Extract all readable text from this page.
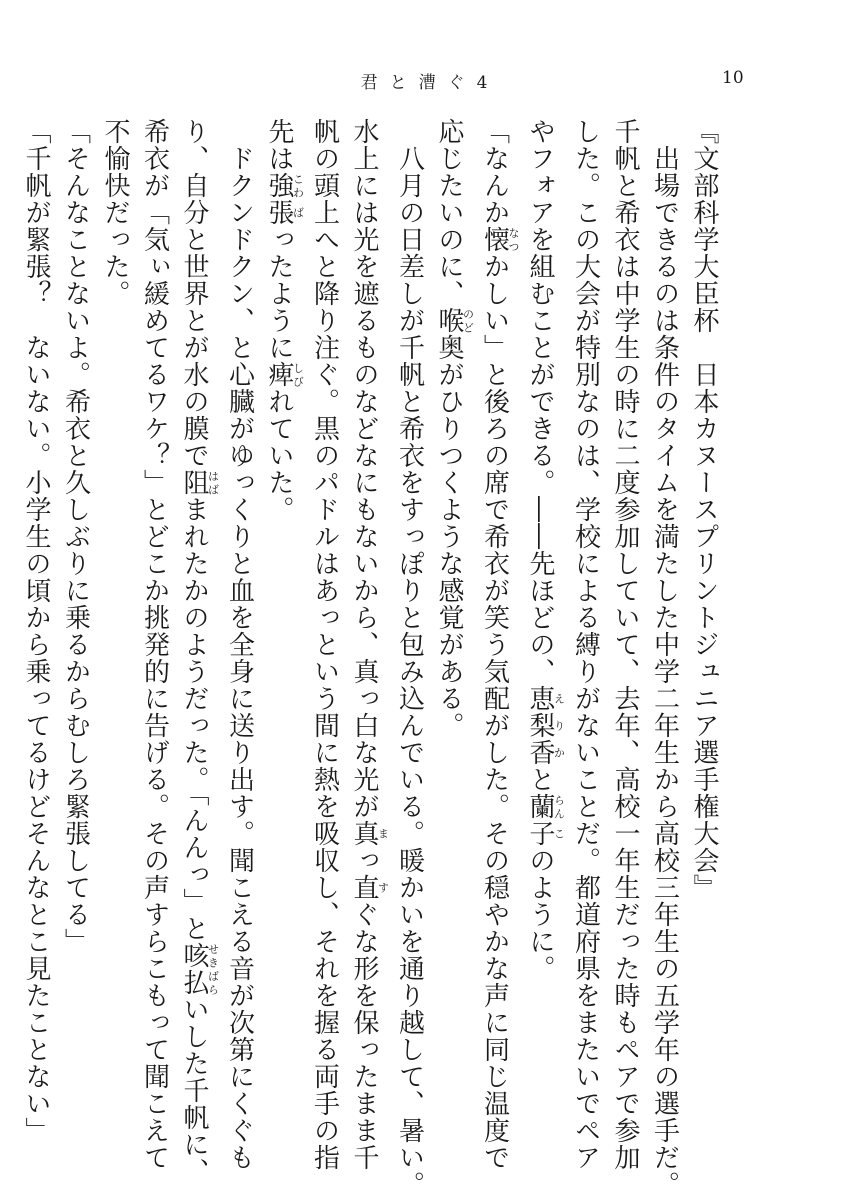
君と漕ぐ4	10

『文部科学大臣杯　日本カヌースプリントジュニア選手権大会』

　出場できるのは条件のタイムを満たした中学二年生から高校三年生の五学年の選手だ。

千帆と希衣は中学生の時に二度参加していて、去年、高校一年生だった時もペアで参加

した。この大会が特別なのは、学校による縛りがないことだ。都道府県をまたいでペア

やフォアを組むことができる。――先ほどの、恵え梨り香かと蘭らん子このように。

「なんか懐なつかしい」と後ろの席で希衣が笑う気配がした。その穏やかな声に同じ温度で

応じたいのに、喉のど奥がひりつくような感覚がある。

　八月の日差しが千帆と希衣をすっぽりと包み込んでいる。暖かいを通り越して、暑い。

水上には光を遮るものなどなにもないから、真っ白な光が真まっ直すぐな形を保ったまま千

帆の頭上へと降り注ぐ。黒のパドルはあっという間に熱を吸収し、それを握る両手の指

先は強こわ張ばったように痺しびれていた。

　ドクンドクン、と心臓がゆっくりと血を全身に送り出す。聞こえる音が次第にくぐも

り、自分と世界とが水の膜で阻はばまれたかのようだった。「んんっ」と咳払せきばらいした千帆に、

希衣が「気ぃ緩めてるワケ？」とどこか挑発的に告げる。その声すらこもって聞こえて

不愉快だった。

「そんなことないよ。希衣と久しぶりに乗るからむしろ緊張してる」

「千帆が緊張？　ないない。小学生の頃から乗ってるけどそんなとこ見たことない」
